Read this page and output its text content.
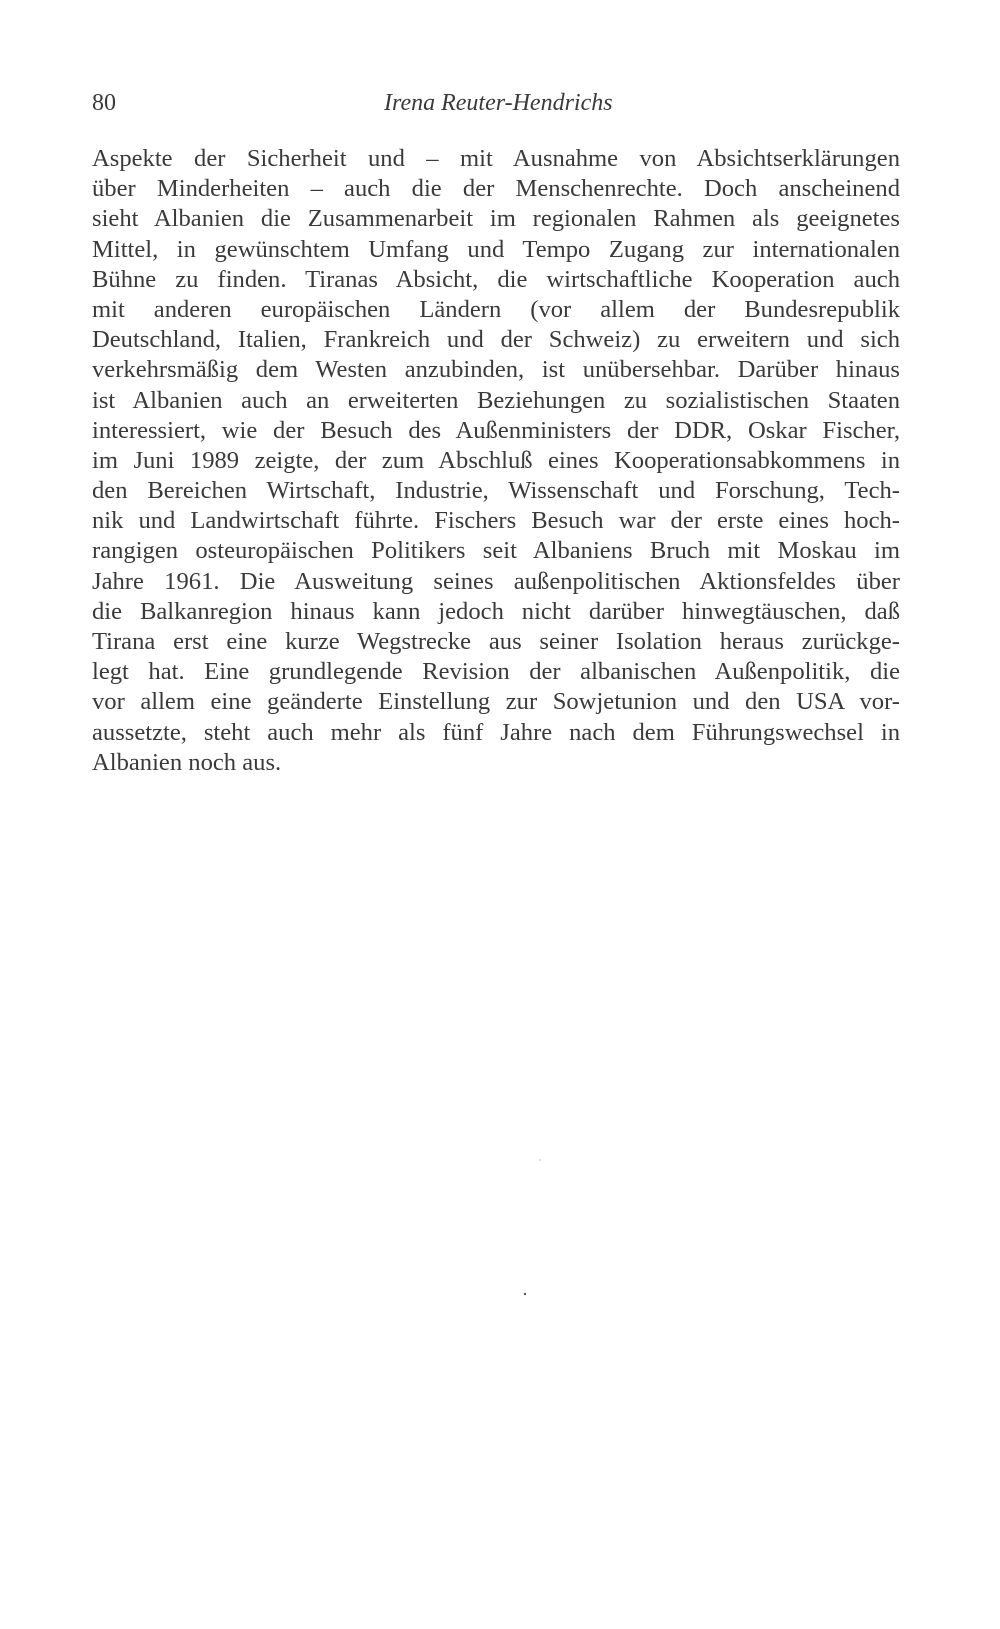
80	Irena Reuter-Hendrichs
Aspekte der Sicherheit und – mit Ausnahme von Absichtserklärungen
über Minderheiten – auch die der Menschenrechte. Doch anscheinend
sieht Albanien die Zusammenarbeit im regionalen Rahmen als geeignetes
Mittel, in gewünschtem Umfang und Tempo Zugang zur internationalen
Bühne zu finden. Tiranas Absicht, die wirtschaftliche Kooperation auch
mit anderen europäischen Ländern (vor allem der Bundesrepublik
Deutschland, Italien, Frankreich und der Schweiz) zu erweitern und sich
verkehrsmäßig dem Westen anzubinden, ist unübersehbar. Darüber hinaus
ist Albanien auch an erweiterten Beziehungen zu sozialistischen Staaten
interessiert, wie der Besuch des Außenministers der DDR, Oskar Fischer,
im Juni 1989 zeigte, der zum Abschluß eines Kooperationsabkommens in
den Bereichen Wirtschaft, Industrie, Wissenschaft und Forschung, Tech-
nik und Landwirtschaft führte. Fischers Besuch war der erste eines hoch-
rangigen osteuropäischen Politikers seit Albaniens Bruch mit Moskau im
Jahre 1961. Die Ausweitung seines außenpolitischen Aktionsfeldes über
die Balkanregion hinaus kann jedoch nicht darüber hinwegtäuschen, daß
Tirana erst eine kurze Wegstrecke aus seiner Isolation heraus zurückge-
legt hat. Eine grundlegende Revision der albanischen Außenpolitik, die
vor allem eine geänderte Einstellung zur Sowjetunion und den USA vor-
aussetzte, steht auch mehr als fünf Jahre nach dem Führungswechsel in
Albanien noch aus.
